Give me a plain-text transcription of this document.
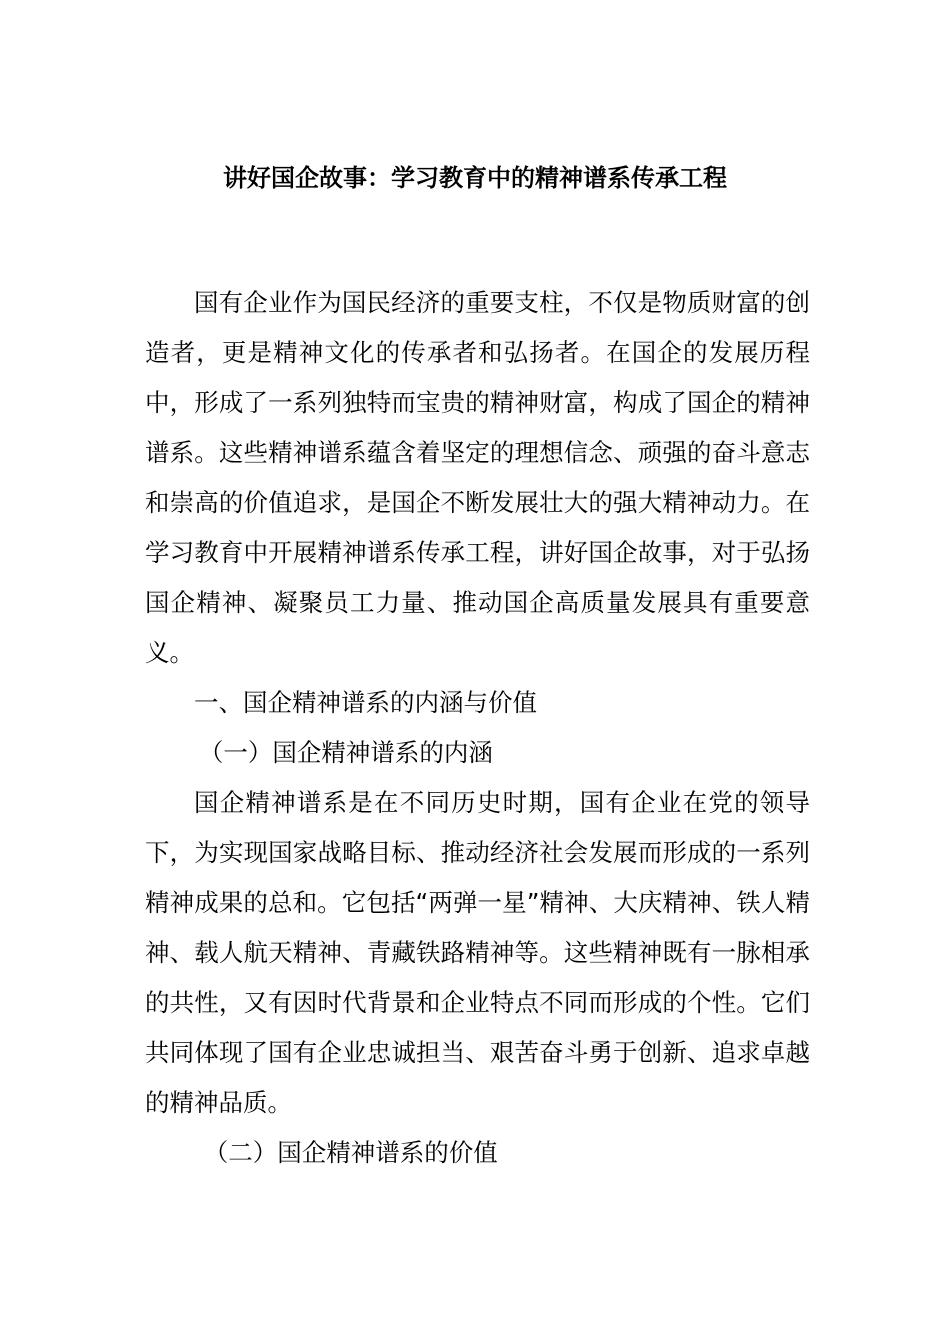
讲好国企故事：学习教育中的精神谱系传承工程

国有企业作为国民经济的重要支柱，不仅是物质财富的创造者，更是精神文化的传承者和弘扬者。在国企的发展历程中，形成了一系列独特而宝贵的精神财富，构成了国企的精神谱系。这些精神谱系蕴含着坚定的理想信念、顽强的奋斗意志和崇高的价值追求，是国企不断发展壮大的强大精神动力。在学习教育中开展精神谱系传承工程，讲好国企故事，对于弘扬国企精神、凝聚员工力量、推动国企高质量发展具有重要意义。

一、国企精神谱系的内涵与价值

（一）国企精神谱系的内涵

国企精神谱系是在不同历史时期，国有企业在党的领导下，为实现国家战略目标、推动经济社会发展而形成的一系列精神成果的总和。它包括“两弹一星”精神、大庆精神、铁人精神、载人航天精神、青藏铁路精神等。这些精神既有一脉相承的共性，又有因时代背景和企业特点不同而形成的个性。它们共同体现了国有企业忠诚担当、艰苦奋斗勇于创新、追求卓越的精神品质。

（二）国企精神谱系的价值
